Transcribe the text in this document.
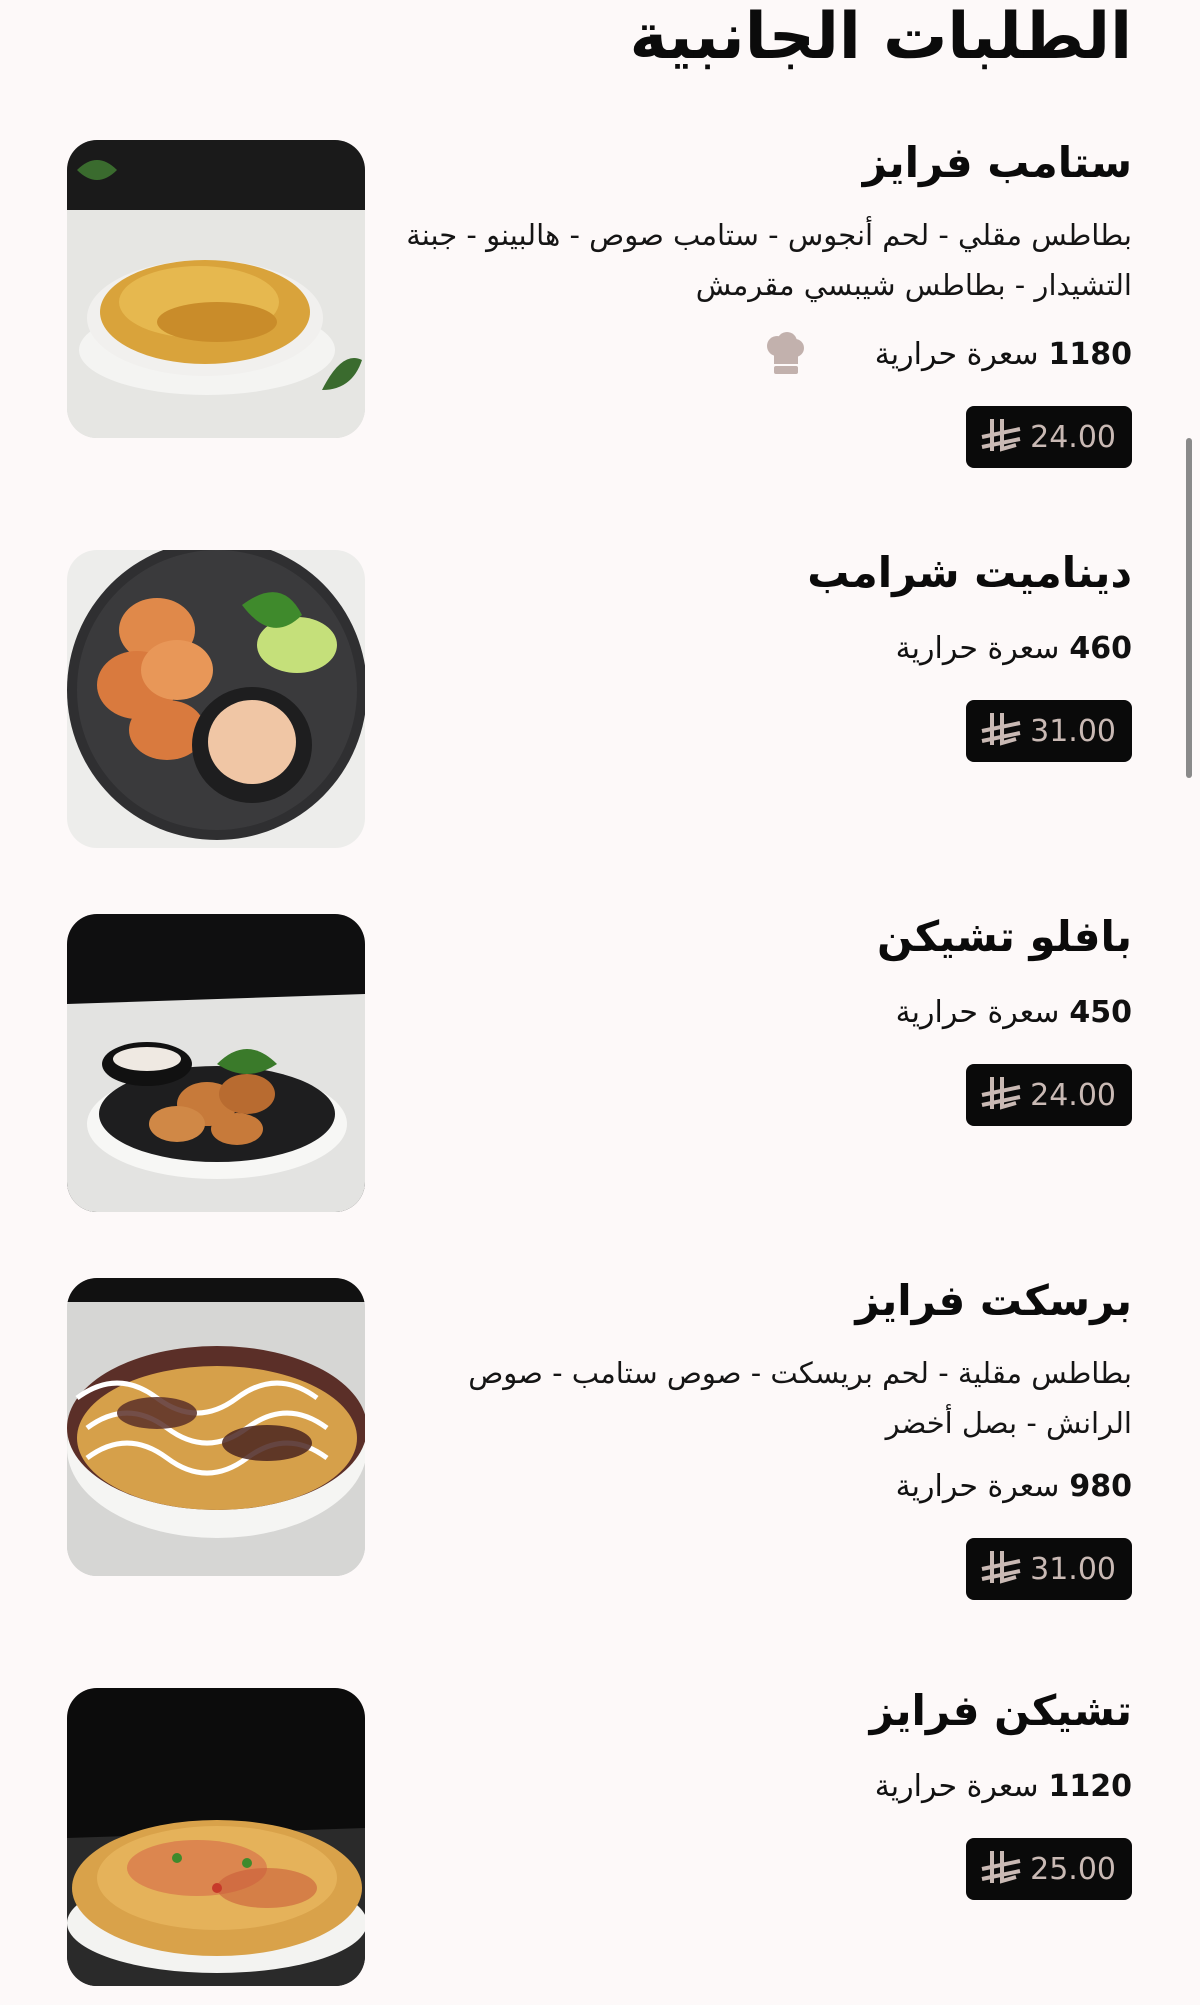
الطلبات الجانبية
ستامب فرايز
بطاطس مقلي - لحم أنجوس - ستامب صوص - هالبينو - جبنة التشيدار - بطاطس شيبسي مقرمش
1180
سعرة حرارية
24.00
ديناميت شرامب
460
سعرة حرارية
31.00
بافلو تشيكن
450
سعرة حرارية
24.00
برسكت فرايز
بطاطس مقلية - لحم بريسكت - صوص ستامب - صوص الرانش - بصل أخضر
980
سعرة حرارية
31.00
تشيكن فرايز
1120
سعرة حرارية
25.00
